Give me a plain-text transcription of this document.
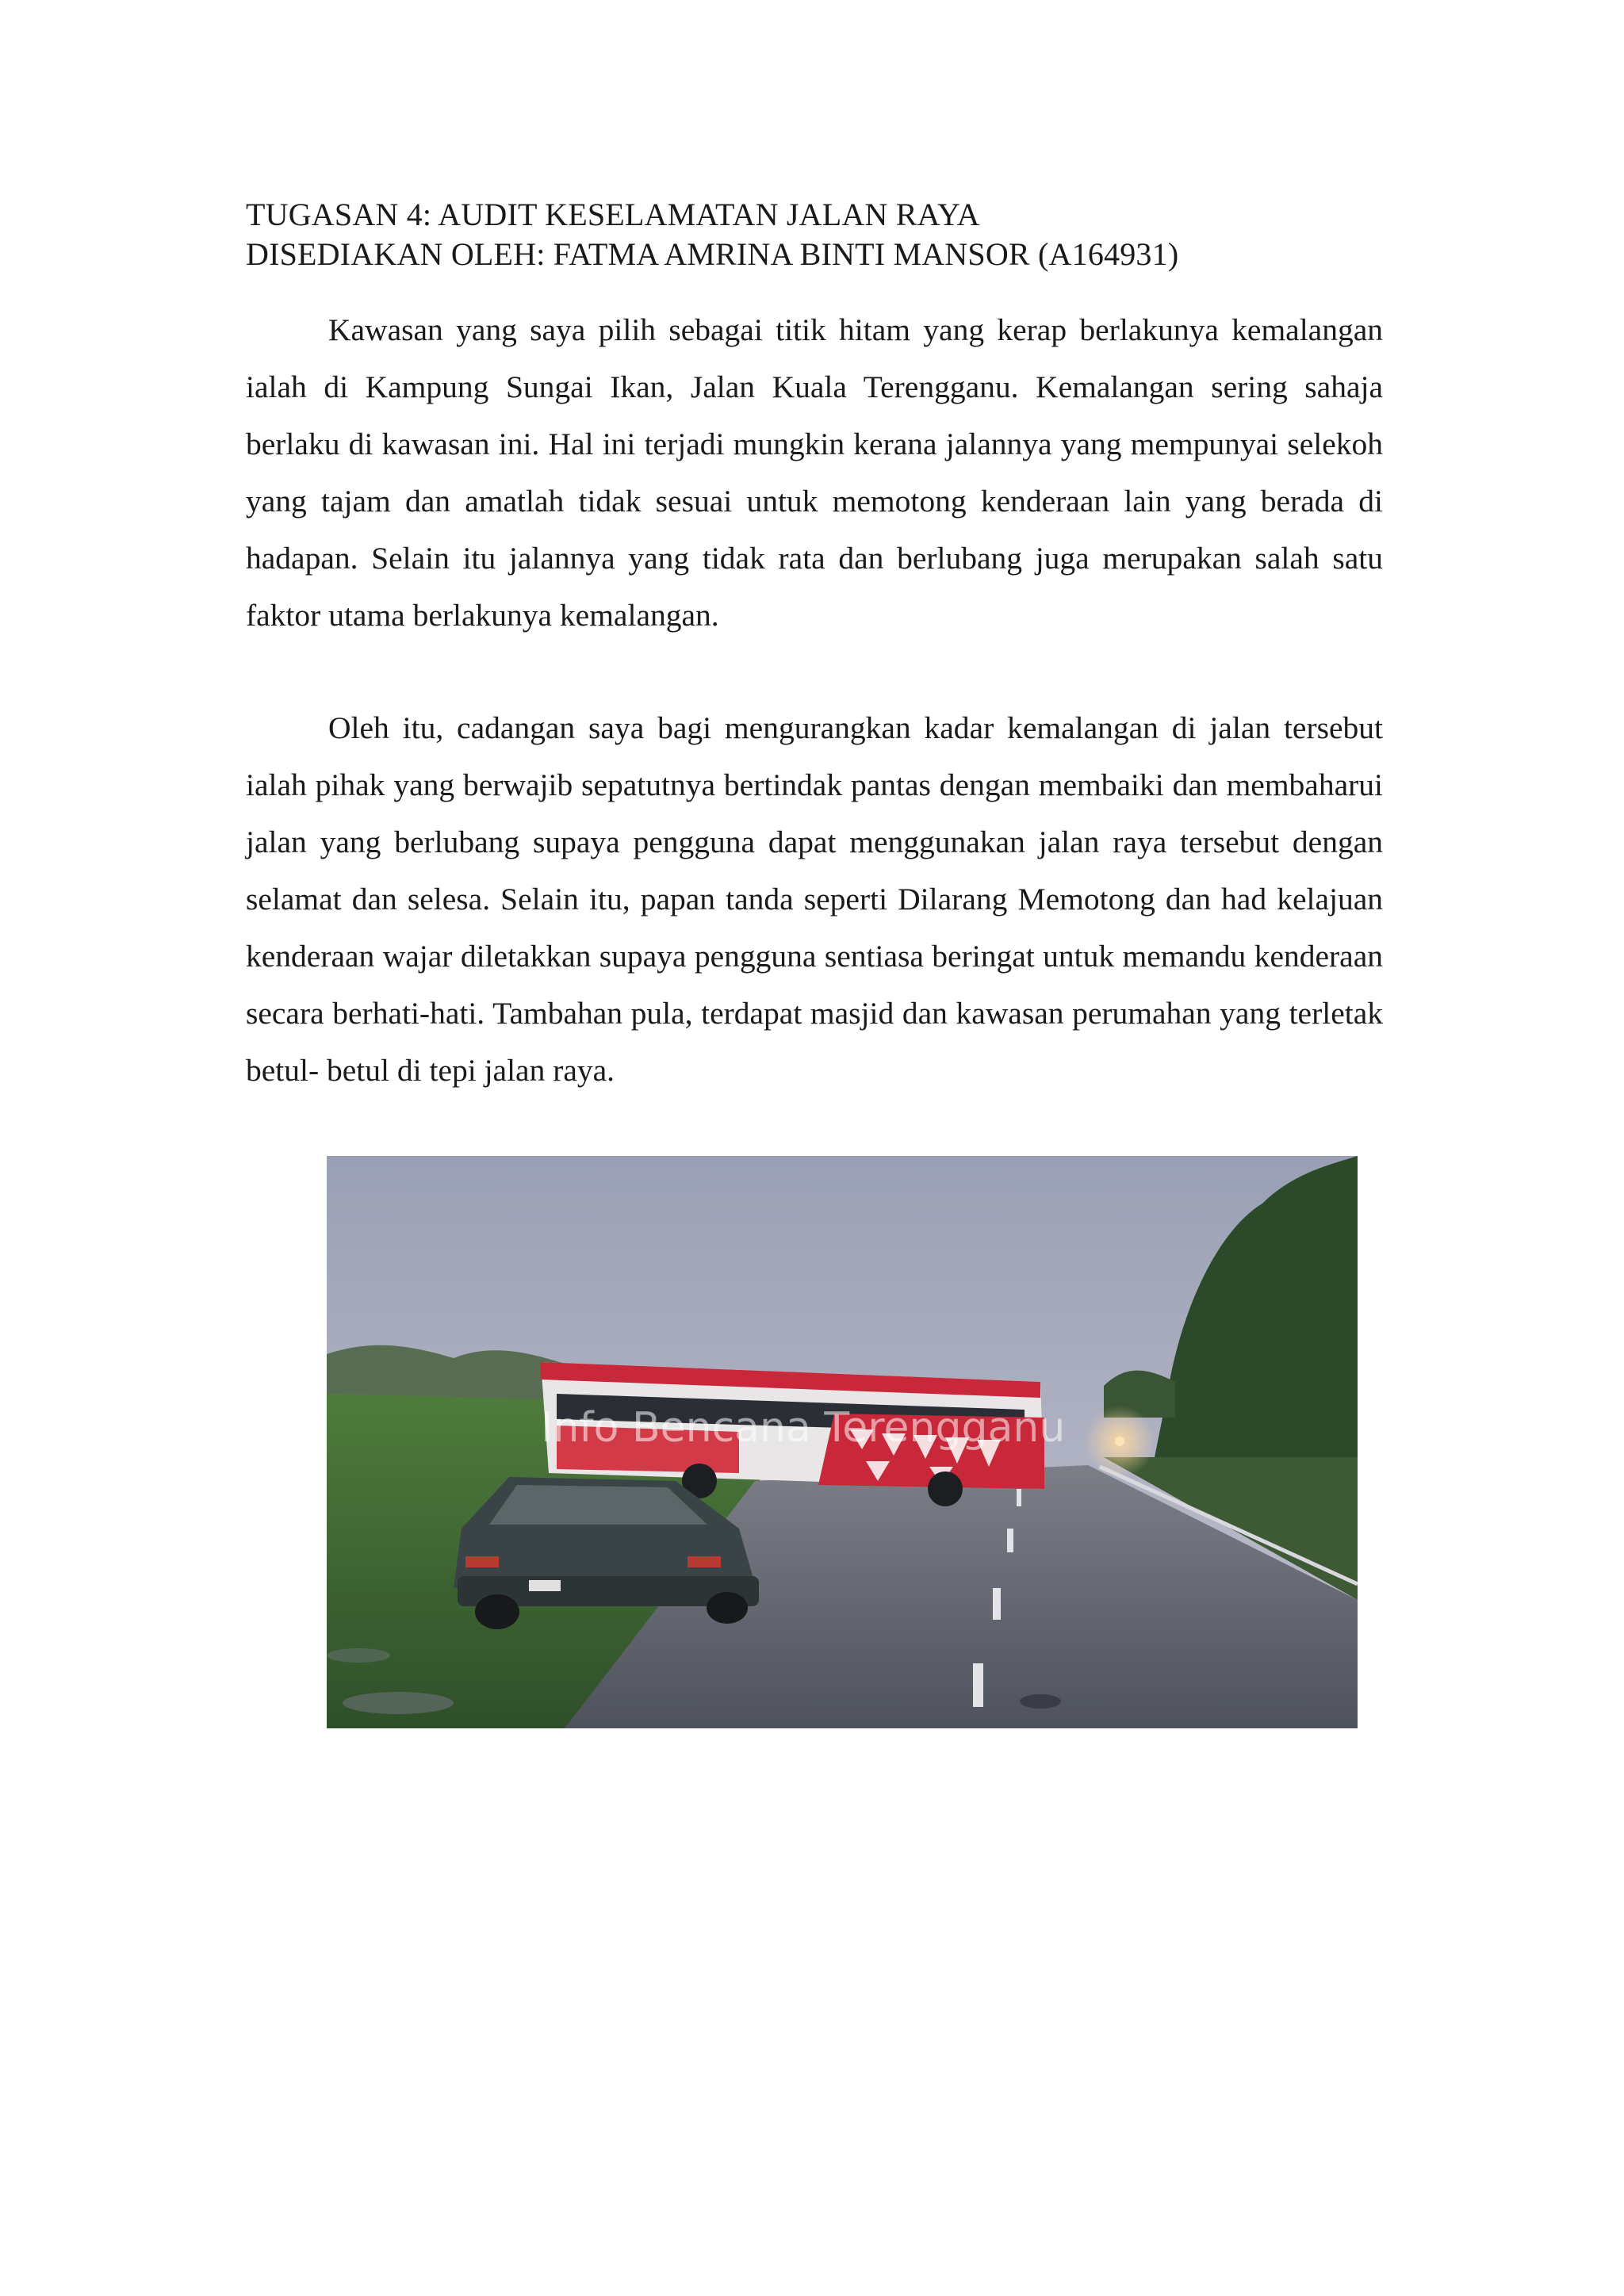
TUGASAN 4: AUDIT KESELAMATAN JALAN RAYA
DISEDIAKAN OLEH: FATMA AMRINA BINTI MANSOR (A164931)

Kawasan yang saya pilih sebagai titik hitam yang kerap berlakunya kemalangan ialah di Kampung Sungai Ikan, Jalan Kuala Terengganu. Kemalangan sering sahaja berlaku di kawasan ini. Hal ini terjadi mungkin kerana jalannya yang mempunyai selekoh yang tajam dan amatlah tidak sesuai untuk memotong kenderaan lain yang berada di hadapan. Selain itu jalannya yang tidak rata dan berlubang juga merupakan salah satu faktor utama berlakunya kemalangan.

Oleh itu, cadangan saya bagi mengurangkan kadar kemalangan di jalan tersebut ialah pihak yang berwajib sepatutnya bertindak pantas dengan membaiki dan membaharui jalan yang berlubang supaya pengguna dapat menggunakan jalan raya tersebut dengan selamat dan selesa. Selain itu, papan tanda seperti Dilarang Memotong dan had kelajuan kenderaan wajar diletakkan supaya pengguna sentiasa beringat untuk memandu kenderaan secara berhati-hati. Tambahan pula, terdapat masjid dan kawasan perumahan yang terletak betul- betul di tepi jalan raya.

Info Bencana Terengganu
